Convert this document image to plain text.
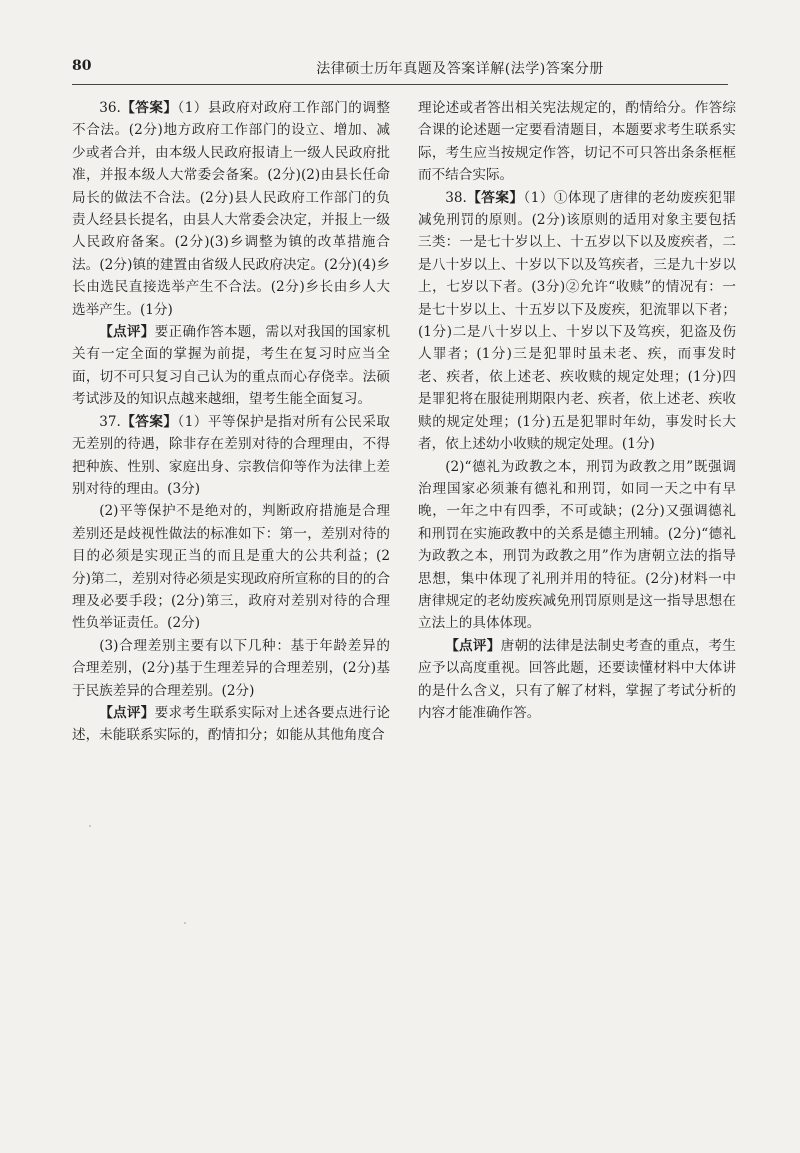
80	法律硕士历年真题及答案详解(法学)答案分册

36.【答案】（1）县政府对政府工作部门的调整不合法。(2分)地方政府工作部门的设立、增加、减少或者合并，由本级人民政府报请上一级人民政府批准，并报本级人大常委会备案。(2分)(2)由县长任命局长的做法不合法。(2分)县人民政府工作部门的负责人经县长提名，由县人大常委会决定，并报上一级人民政府备案。(2分)(3)乡调整为镇的改革措施合法。(2分)镇的建置由省级人民政府决定。(2分)(4)乡长由选民直接选举产生不合法。(2分)乡长由乡人大选举产生。(1分)

【点评】要正确作答本题，需以对我国的国家机关有一定全面的掌握为前提，考生在复习时应当全面，切不可只复习自己认为的重点而心存侥幸。法硕考试涉及的知识点越来越细，望考生能全面复习。

37.【答案】（1）平等保护是指对所有公民采取无差别的待遇，除非存在差别对待的合理理由，不得把种族、性别、家庭出身、宗教信仰等作为法律上差别对待的理由。(3分)

(2)平等保护不是绝对的，判断政府措施是合理差别还是歧视性做法的标准如下：第一，差别对待的目的必须是实现正当的而且是重大的公共利益；(2分)第二，差别对待必须是实现政府所宣称的目的的合理及必要手段；(2分)第三，政府对差别对待的合理性负举证责任。(2分)

(3)合理差别主要有以下几种：基于年龄差异的合理差别，(2分)基于生理差异的合理差别，(2分)基于民族差异的合理差别。(2分)

【点评】要求考生联系实际对上述各要点进行论述，未能联系实际的，酌情扣分；如能从其他角度合

理论述或者答出相关宪法规定的，酌情给分。作答综合课的论述题一定要看清题目，本题要求考生联系实际，考生应当按规定作答，切记不可只答出条条框框而不结合实际。

38.【答案】（1）①体现了唐律的老幼废疾犯罪减免刑罚的原则。(2分)该原则的适用对象主要包括三类：一是七十岁以上、十五岁以下以及废疾者，二是八十岁以上、十岁以下以及笃疾者，三是九十岁以上，七岁以下者。(3分)②允许“收赎”的情况有：一是七十岁以上、十五岁以下及废疾，犯流罪以下者；(1分)二是八十岁以上、十岁以下及笃疾，犯盗及伤人罪者；(1分)三是犯罪时虽未老、疾，而事发时老、疾者，依上述老、疾收赎的规定处理；(1分)四是罪犯将在服徒刑期限内老、疾者，依上述老、疾收赎的规定处理；(1分)五是犯罪时年幼，事发时长大者，依上述幼小收赎的规定处理。(1分)

(2)“德礼为政教之本，刑罚为政教之用”既强调治理国家必须兼有德礼和刑罚，如同一天之中有早晚，一年之中有四季，不可或缺；(2分)又强调德礼和刑罚在实施政教中的关系是德主刑辅。(2分)“德礼为政教之本，刑罚为政教之用”作为唐朝立法的指导思想，集中体现了礼刑并用的特征。(2分)材料一中唐律规定的老幼废疾减免刑罚原则是这一指导思想在立法上的具体体现。

【点评】唐朝的法律是法制史考查的重点，考生应予以高度重视。回答此题，还要读懂材料中大体讲的是什么含义，只有了解了材料，掌握了考试分析的内容才能准确作答。
